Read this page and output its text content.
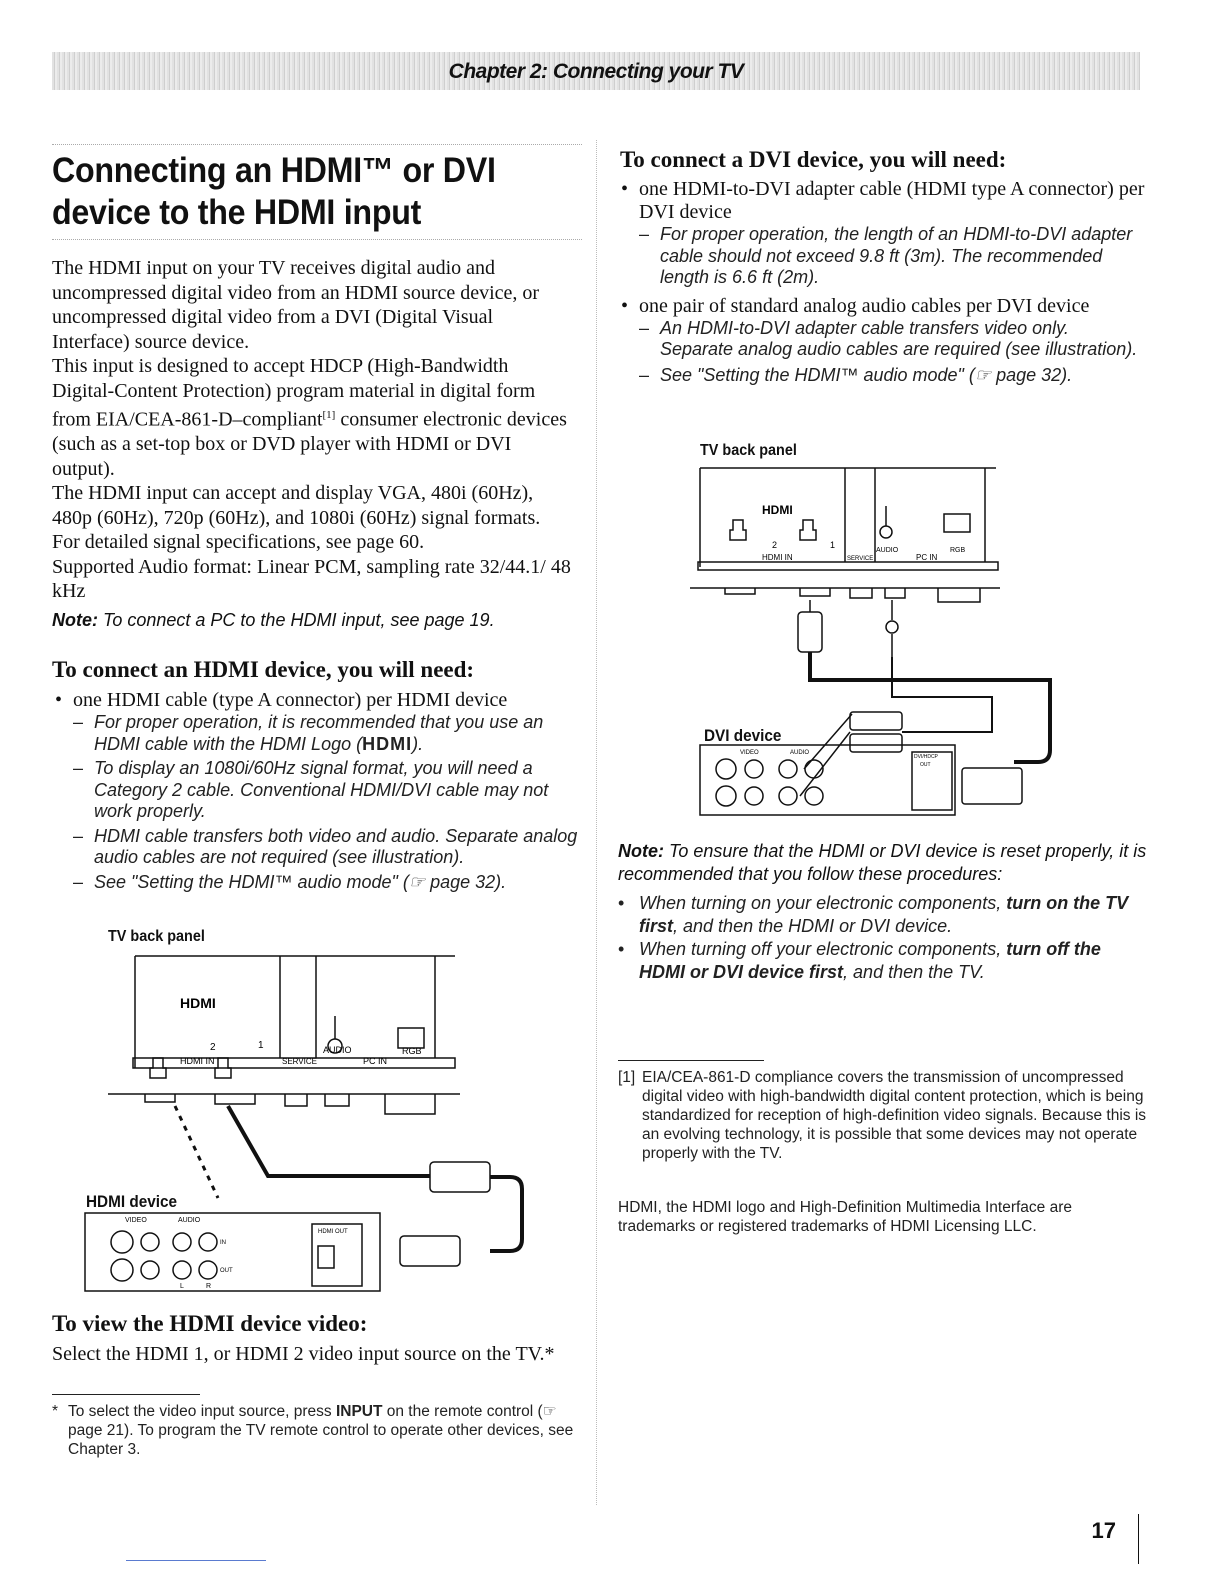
Chapter 2: Connecting your TV
Connecting an HDMI™ or DVI
device to the HDMI input
The HDMI input on your TV receives digital audio and uncompressed digital video from an HDMI source device, or uncompressed digital video from a DVI (Digital Visual Interface) source device.
This input is designed to accept HDCP (High-Bandwidth Digital-Content Protection) program material in digital form from EIA/CEA-861-D–compliant[1] consumer electronic devices (such as a set-top box or DVD player with HDMI or DVI output).
The HDMI input can accept and display VGA, 480i (60Hz), 480p (60Hz), 720p (60Hz), and 1080i (60Hz) signal formats. For detailed signal specifications, see page 60.
Supported Audio format: Linear PCM, sampling rate 32/44.1/ 48 kHz
Note: To connect a PC to the HDMI input, see page 19.
To connect an HDMI device, you will need:
• one HDMI cable (type A connector) per HDMI device
– For proper operation, it is recommended that you use an HDMI cable with the HDMI Logo (HDMI).
– To display an 1080i/60Hz signal format, you will need a Category 2 cable. Conventional HDMI/DVI cable may not work properly.
– HDMI cable transfers both video and audio. Separate analog audio cables are not required (see illustration).
– See "Setting the HDMI™ audio mode" (☞ page 32).
TV back panel
HDMI
2	1
HDMI IN	SERVICE
AUDIO	RGB
PC IN
VIDEO	AUDIO
IN
OUT
L	R
HDMI OUT
HDMI device
To view the HDMI device video:
Select the HDMI 1, or HDMI 2 video input source on the TV.*
* To select the video input source, press INPUT on the remote control (☞ page 21). To program the TV remote control to operate other devices, see Chapter 3.
To connect a DVI device, you will need:
• one HDMI-to-DVI adapter cable (HDMI type A connector) per DVI device
– For proper operation, the length of an HDMI-to-DVI adapter cable should not exceed 9.8 ft (3m). The recommended length is 6.6 ft (2m).
• one pair of standard analog audio cables per DVI device
– An HDMI-to-DVI adapter cable transfers video only. Separate analog audio cables are required (see illustration).
– See "Setting the HDMI™ audio mode" (☞ page 32).
TV back panel
HDMI
2	1
HDMI IN	SERVICE
AUDIO	RGB
PC IN
VIDEO	AUDIO
DVI/HDCP
OUT
DVI device
Note: To ensure that the HDMI or DVI device is reset properly, it is recommended that you follow these procedures:
• When turning on your electronic components, turn on the TV first, and then the HDMI or DVI device.
• When turning off your electronic components, turn off the HDMI or DVI device first, and then the TV.
[1] EIA/CEA-861-D compliance covers the transmission of uncompressed digital video with high-bandwidth digital content protection, which is being standardized for reception of high-definition video signals. Because this is an evolving technology, it is possible that some devices may not operate properly with the TV.
HDMI, the HDMI logo and High-Definition Multimedia Interface are trademarks or registered trademarks of HDMI Licensing LLC.
17
